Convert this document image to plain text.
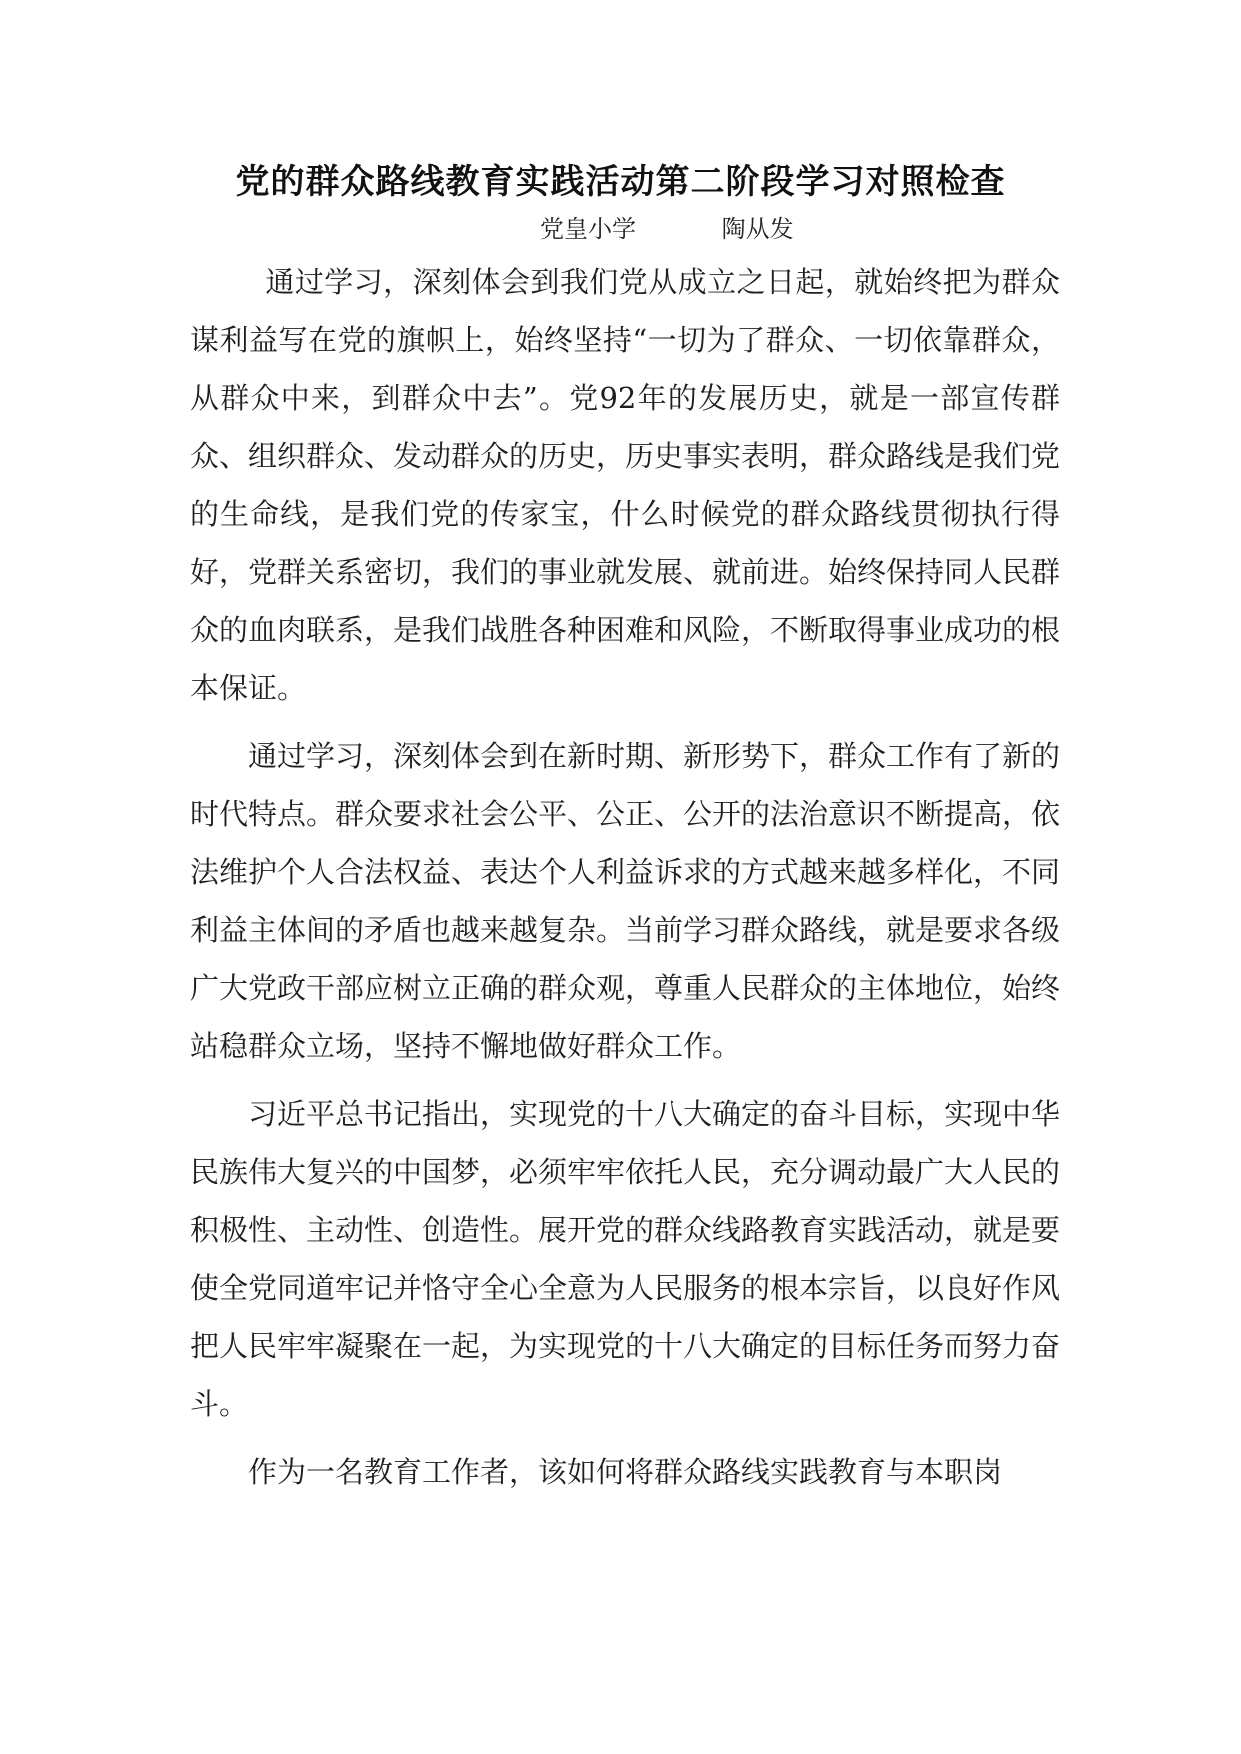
党的群众路线教育实践活动第二阶段学习对照检查
党皇小学	陶从发

通过学习，深刻体会到我们党从成立之日起，就始终把为群众谋利益写在党的旗帜上，始终坚持“一切为了群众、一切依靠群众，从群众中来，到群众中去”。党92年的发展历史，就是一部宣传群众、组织群众、发动群众的历史，历史事实表明，群众路线是我们党的生命线，是我们党的传家宝，什么时候党的群众路线贯彻执行得好，党群关系密切，我们的事业就发展、就前进。始终保持同人民群众的血肉联系，是我们战胜各种困难和风险，不断取得事业成功的根本保证。

通过学习，深刻体会到在新时期、新形势下，群众工作有了新的时代特点。群众要求社会公平、公正、公开的法治意识不断提高，依法维护个人合法权益、表达个人利益诉求的方式越来越多样化，不同利益主体间的矛盾也越来越复杂。当前学习群众路线，就是要求各级广大党政干部应树立正确的群众观，尊重人民群众的主体地位，始终站稳群众立场，坚持不懈地做好群众工作。

习近平总书记指出，实现党的十八大确定的奋斗目标，实现中华民族伟大复兴的中国梦，必须牢牢依托人民，充分调动最广大人民的积极性、主动性、创造性。展开党的群众线路教育实践活动，就是要使全党同道牢记并恪守全心全意为人民服务的根本宗旨，以良好作风把人民牢牢凝聚在一起，为实现党的十八大确定的目标任务而努力奋斗。

作为一名教育工作者，该如何将群众路线实践教育与本职岗
